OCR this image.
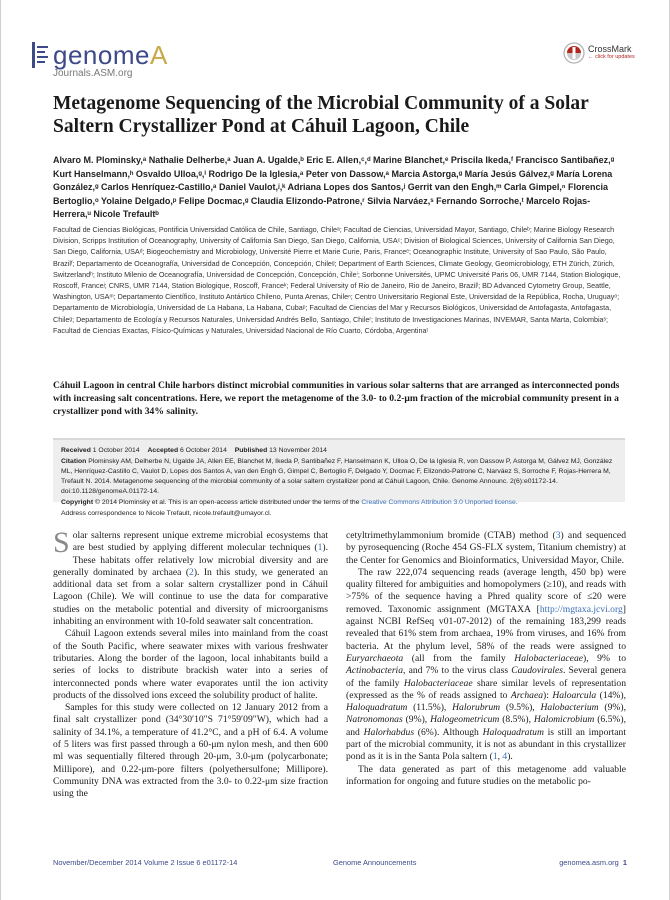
genomeA
Journals.ASM.org
CrossMark
← click for updates
Metagenome Sequencing of the Microbial Community of a Solar Saltern Crystallizer Pond at Cáhuil Lagoon, Chile
Alvaro M. Plominsky,ᵃ Nathalie Delherbe,ᵃ Juan A. Ugalde,ᵇ Eric E. Allen,ᶜ,ᵈ Marine Blanchet,ᵉ Priscila Ikeda,ᶠ Francisco Santibañez,ᵍ Kurt Hanselmann,ʰ Osvaldo Ulloa,ᵍ,ⁱ Rodrigo De la Iglesia,ᵃ Peter von Dassow,ᵃ Marcia Astorga,ᵍ María Jesús Gálvez,ᵍ María Lorena González,ᵍ Carlos Henríquez-Castillo,ᵃ Daniel Vaulot,ʲ,ᵏ Adriana Lopes dos Santos,ʲ Gerrit van den Engh,ᵐ Carla Gimpel,ⁿ Florencia Bertoglio,ᵒ Yolaine Delgado,ᵖ Felipe Docmac,ᵍ Claudia Elizondo-Patrone,ʳ Silvia Narváez,ˢ Fernando Sorroche,ᵗ Marcelo Rojas-Herrera,ᵘ Nicole Trefaultᵇ
Facultad de Ciencias Biológicas, Pontificia Universidad Católica de Chile, Santiago, Chileᵃ; Facultad de Ciencias, Universidad Mayor, Santiago, Chileᵇ; Marine Biology Research Division, Scripps Institution of Oceanography, University of California San Diego, San Diego, California, USAᶜ; Division of Biological Sciences, University of California San Diego, San Diego, California, USAᵈ; Biogeochemistry and Microbiology, Université Pierre et Marie Curie, Paris, Franceᵉ; Oceanographic Institute, University of Sao Paulo, São Paulo, Brazilᶠ; Departamento de Oceanografía, Universidad de Concepción, Concepción, Chileᵍ; Department of Earth Sciences, Climate Geology, Geomicrobiology, ETH Zürich, Zürich, Switzerlandʰ; Instituto Milenio de Oceanografía, Universidad de Concepción, Concepción, Chileⁱ; Sorbonne Universités, UPMC Université Paris 06, UMR 7144, Station Biologique, Roscoff, Franceʲ; CNRS, UMR 7144, Station Biologique, Roscoff, Franceᵏ; Federal University of Rio de Janeiro, Rio de Janeiro, Brazilˡ; BD Advanced Cytometry Group, Seattle, Washington, USAᵐ; Departamento Científico, Instituto Antártico Chileno, Punta Arenas, Chileⁿ; Centro Universitario Regional Este, Universidad de la República, Rocha, Uruguayᵒ; Departamento de Microbiología, Universidad de La Habana, La Habana, Cubaᵖ; Facultad de Ciencias del Mar y Recursos Biológicos, Universidad de Antofagasta, Antofagasta, Chileᵍ; Departamento de Ecología y Recursos Naturales, Universidad Andrés Bello, Santiago, Chileʳ; Instituto de Investigaciones Marinas, INVEMAR, Santa Marta, Colombiaˢ; Facultad de Ciencias Exactas, Físico-Químicas y Naturales, Universidad Nacional de Río Cuarto, Córdoba, Argentinaᵗ
Cáhuil Lagoon in central Chile harbors distinct microbial communities in various solar salterns that are arranged as interconnected ponds with increasing salt concentrations. Here, we report the metagenome of the 3.0- to 0.2-μm fraction of the microbial community present in a crystallizer pond with 34% salinity.
Received 1 October 2014 Accepted 6 October 2014 Published 13 November 2014
Citation Plominsky AM, Delherbe N, Ugalde JA, Allen EE, Blanchet M, Ikeda P, Santibañez F, Hanselmann K, Ulloa O, De la Iglesia R, von Dassow P, Astorga M, Gálvez MJ, González ML, Henríquez-Castillo C, Vaulot D, Lopes dos Santos A, van den Engh G, Gimpel C, Bertoglio F, Delgado Y, Docmac F, Elizondo-Patrone C, Narváez S, Sorroche F, Rojas-Herrera M, Trefault N. 2014. Metagenome sequencing of the microbial community of a solar saltern crystallizer pond at Cáhuil Lagoon, Chile. Genome Announc. 2(6):e01172-14. doi:10.1128/genomeA.01172-14.
Copyright © 2014 Plominsky et al. This is an open-access article distributed under the terms of the Creative Commons Attribution 3.0 Unported license.
Address correspondence to Nicole Trefault, nicole.trefault@umayor.cl.

Solar salterns represent unique extreme microbial ecosystems that are best studied by applying different molecular techniques (1). These habitats offer relatively low microbial diversity and are generally dominated by archaea (2). In this study, we generated an additional data set from a solar saltern crystallizer pond in Cáhuil Lagoon (Chile). We will continue to use the data for comparative studies on the metabolic potential and diversity of microorganisms inhabiting an environment with 10-fold seawater salt concentration.

Cáhuil Lagoon extends several miles into mainland from the coast of the South Pacific, where seawater mixes with various freshwater tributaries. Along the border of the lagoon, local inhabitants build a series of locks to distribute brackish water into a series of interconnected ponds where water evaporates until the ion activity products of the dissolved ions exceed the solubility product of halite.

Samples for this study were collected on 12 January 2012 from a final salt crystallizer pond (34°30′10″S 71°59′09″W), which had a salinity of 34.1%, a temperature of 41.2°C, and a pH of 6.4. A volume of 5 liters was first passed through a 60-μm nylon mesh, and then 600 ml was sequentially filtered through 20-μm, 3.0-μm (polycarbonate; Millipore), and 0.22-μm-pore filters (polyethersulfone; Millipore). Community DNA was extracted from the 3.0- to 0.22-μm size fraction using the

cetyltrimethylammonium bromide (CTAB) method (3) and sequenced by pyrosequencing (Roche 454 GS-FLX system, Titanium chemistry) at the Center for Genomics and Bioinformatics, Universidad Mayor, Chile.

The raw 222,074 sequencing reads (average length, 450 bp) were quality filtered for ambiguities and homopolymers (≥10), and reads with >75% of the sequence having a Phred quality score of ≤20 were removed. Taxonomic assignment (MGTAXA [http://mgtaxa.jcvi.org] against NCBI RefSeq v01-07-2012) of the remaining 183,299 reads revealed that 61% stem from archaea, 19% from viruses, and 16% from bacteria. At the phylum level, 58% of the reads were assigned to Euryarchaeota (all from the family Halobacteriaceae), 9% to Actinobacteria, and 7% to the virus class Caudovirales. Several genera of the family Halobacteriaceae share similar levels of representation (expressed as the % of reads assigned to Archaea): Haloarcula (14%), Haloquadratum (11.5%), Halorubrum (9.5%), Halobacterium (9%), Natronomonas (9%), Halogeometricum (8.5%), Halomicrobium (6.5%), and Halorhabdus (6%). Although Haloquadratum is still an important part of the microbial community, it is not as abundant in this crystallizer pond as it is in the Santa Pola saltern (1, 4).

The data generated as part of this metagenome add valuable information for ongoing and future studies on the metabolic po-

November/December 2014 Volume 2 Issue 6 e01172-14	Genome Announcements	genomea.asm.org 1
